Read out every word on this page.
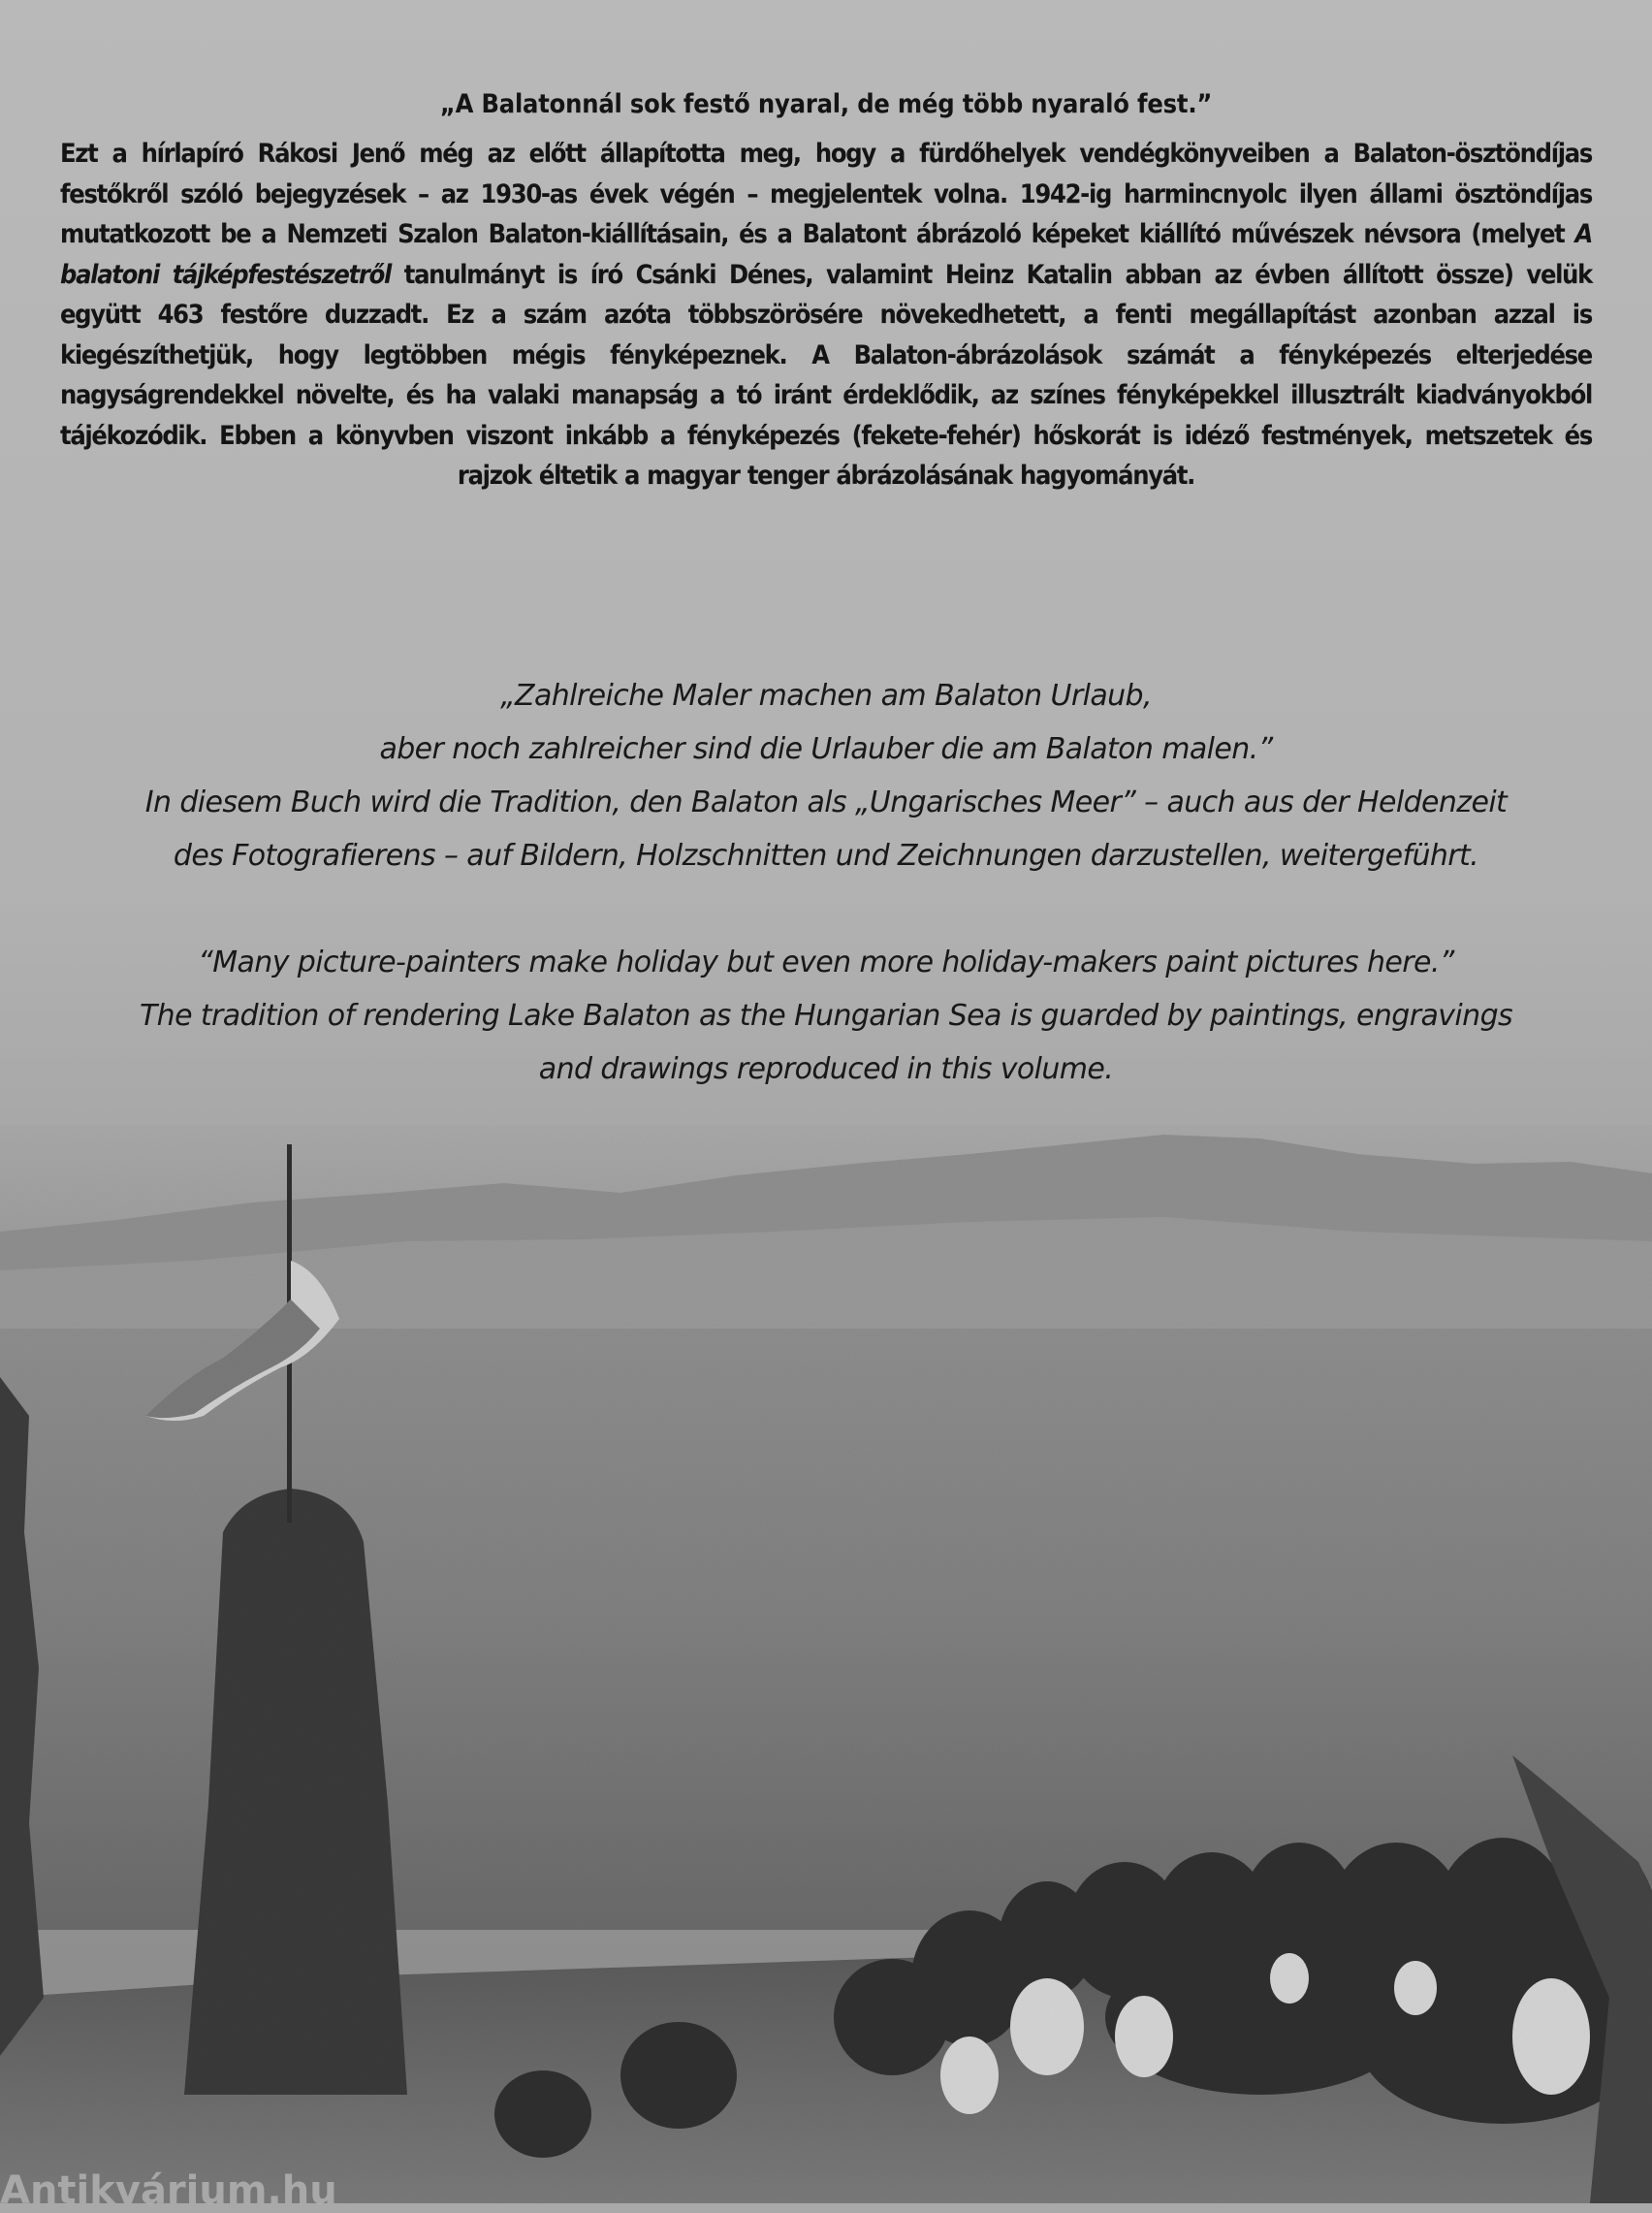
„A Balatonnál sok festő nyaral, de még több nyaraló fest.”

Ezt a hírlapíró Rákosi Jenő még az előtt állapította meg, hogy a fürdőhelyek vendégkönyveiben a Balaton-ösztöndíjas festőkről szóló bejegyzések – az 1930-as évek végén – megjelentek volna. 1942-ig harmincnyolc ilyen állami ösztöndíjas mutatkozott be a Nemzeti Szalon Balaton-kiállításain, és a Balatont ábrázoló képeket kiállító művészek névsora (melyet A balatoni tájképfestészetről tanulmányt is író Csánki Dénes, valamint Heinz Katalin abban az évben állított össze) velük együtt 463 festőre duzzadt. Ez a szám azóta többszörösére növekedhetett, a fenti megállapítást azonban azzal is kiegészíthetjük, hogy legtöbben mégis fényképeznek. A Balaton-ábrázolások számát a fényképezés elterjedése nagyságrendekkel növelte, és ha valaki manapság a tó iránt érdeklődik, az színes fényképekkel illusztrált kiadványokból tájékozódik. Ebben a könyvben viszont inkább a fényképezés (fekete-fehér) hőskorát is idéző festmények, metszetek és rajzok éltetik a magyar tenger ábrázolásának hagyományát.

„Zahlreiche Maler machen am Balaton Urlaub,
aber noch zahlreicher sind die Urlauber die am Balaton malen.”
In diesem Buch wird die Tradition, den Balaton als „Ungarisches Meer” – auch aus der Heldenzeit
des Fotografierens – auf Bildern, Holzschnitten und Zeichnungen darzustellen, weitergeführt.
“Many picture-painters make holiday but even more holiday-makers paint pictures here.”
The tradition of rendering Lake Balaton as the Hungarian Sea is guarded by paintings, engravings
and drawings reproduced in this volume.
Antikvárium.hu
